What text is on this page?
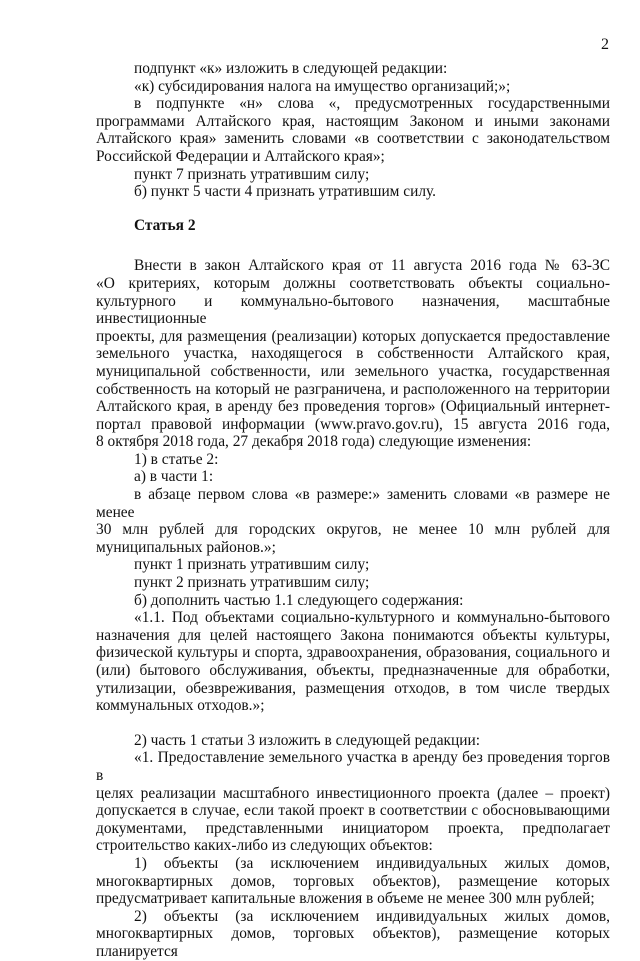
2

подпункт «к» изложить в следующей редакции:

«к) субсидирования налога на имущество организаций;»;

в подпункте «н» слова «, предусмотренных государственными

программами Алтайского края, настоящим Законом и иными законами

Алтайского края» заменить словами «в соответствии с законодательством

Российской Федерации и Алтайского края»;

пункт 7 признать утратившим силу;

б) пункт 5 части 4 признать утратившим силу.

Статья 2

Внести в закон Алтайского края от 11 августа 2016 года № 63-ЗС

«О критериях, которым должны соответствовать объекты социально-

культурного и коммунально-бытового назначения, масштабные инвестиционные

проекты, для размещения (реализации) которых допускается предоставление

земельного участка, находящегося в собственности Алтайского края,

муниципальной собственности, или земельного участка, государственная

собственность на который не разграничена, и расположенного на территории

Алтайского края, в аренду без проведения торгов» (Официальный интернет-

портал правовой информации (www.pravo.gov.ru), 15 августа 2016 года,

8 октября 2018 года, 27 декабря 2018 года) следующие изменения:

1) в статье 2:

а) в части 1:

в абзаце первом слова «в размере:» заменить словами «в размере не менее

30 млн рублей для городских округов, не менее 10 млн рублей для

муниципальных районов.»;

пункт 1 признать утратившим силу;

пункт 2 признать утратившим силу;

б) дополнить частью 1.1 следующего содержания:

«1.1. Под объектами социально-культурного и коммунально-бытового

назначения для целей настоящего Закона понимаются объекты культуры,

физической культуры и спорта, здравоохранения, образования, социального и

(или) бытового обслуживания, объекты, предназначенные для обработки,

утилизации, обезвреживания, размещения отходов, в том числе твердых

коммунальных отходов.»;

2) часть 1 статьи 3 изложить в следующей редакции:

«1. Предоставление земельного участка в аренду без проведения торгов в

целях реализации масштабного инвестиционного проекта (далее – проект)

допускается в случае, если такой проект в соответствии с обосновывающими

документами, представленными инициатором проекта, предполагает

строительство каких-либо из следующих объектов:

1) объекты (за исключением индивидуальных жилых домов,

многоквартирных домов, торговых объектов), размещение которых

предусматривает капитальные вложения в объеме не менее 300 млн рублей;

2) объекты (за исключением индивидуальных жилых домов,

многоквартирных домов, торговых объектов), размещение которых планируется
